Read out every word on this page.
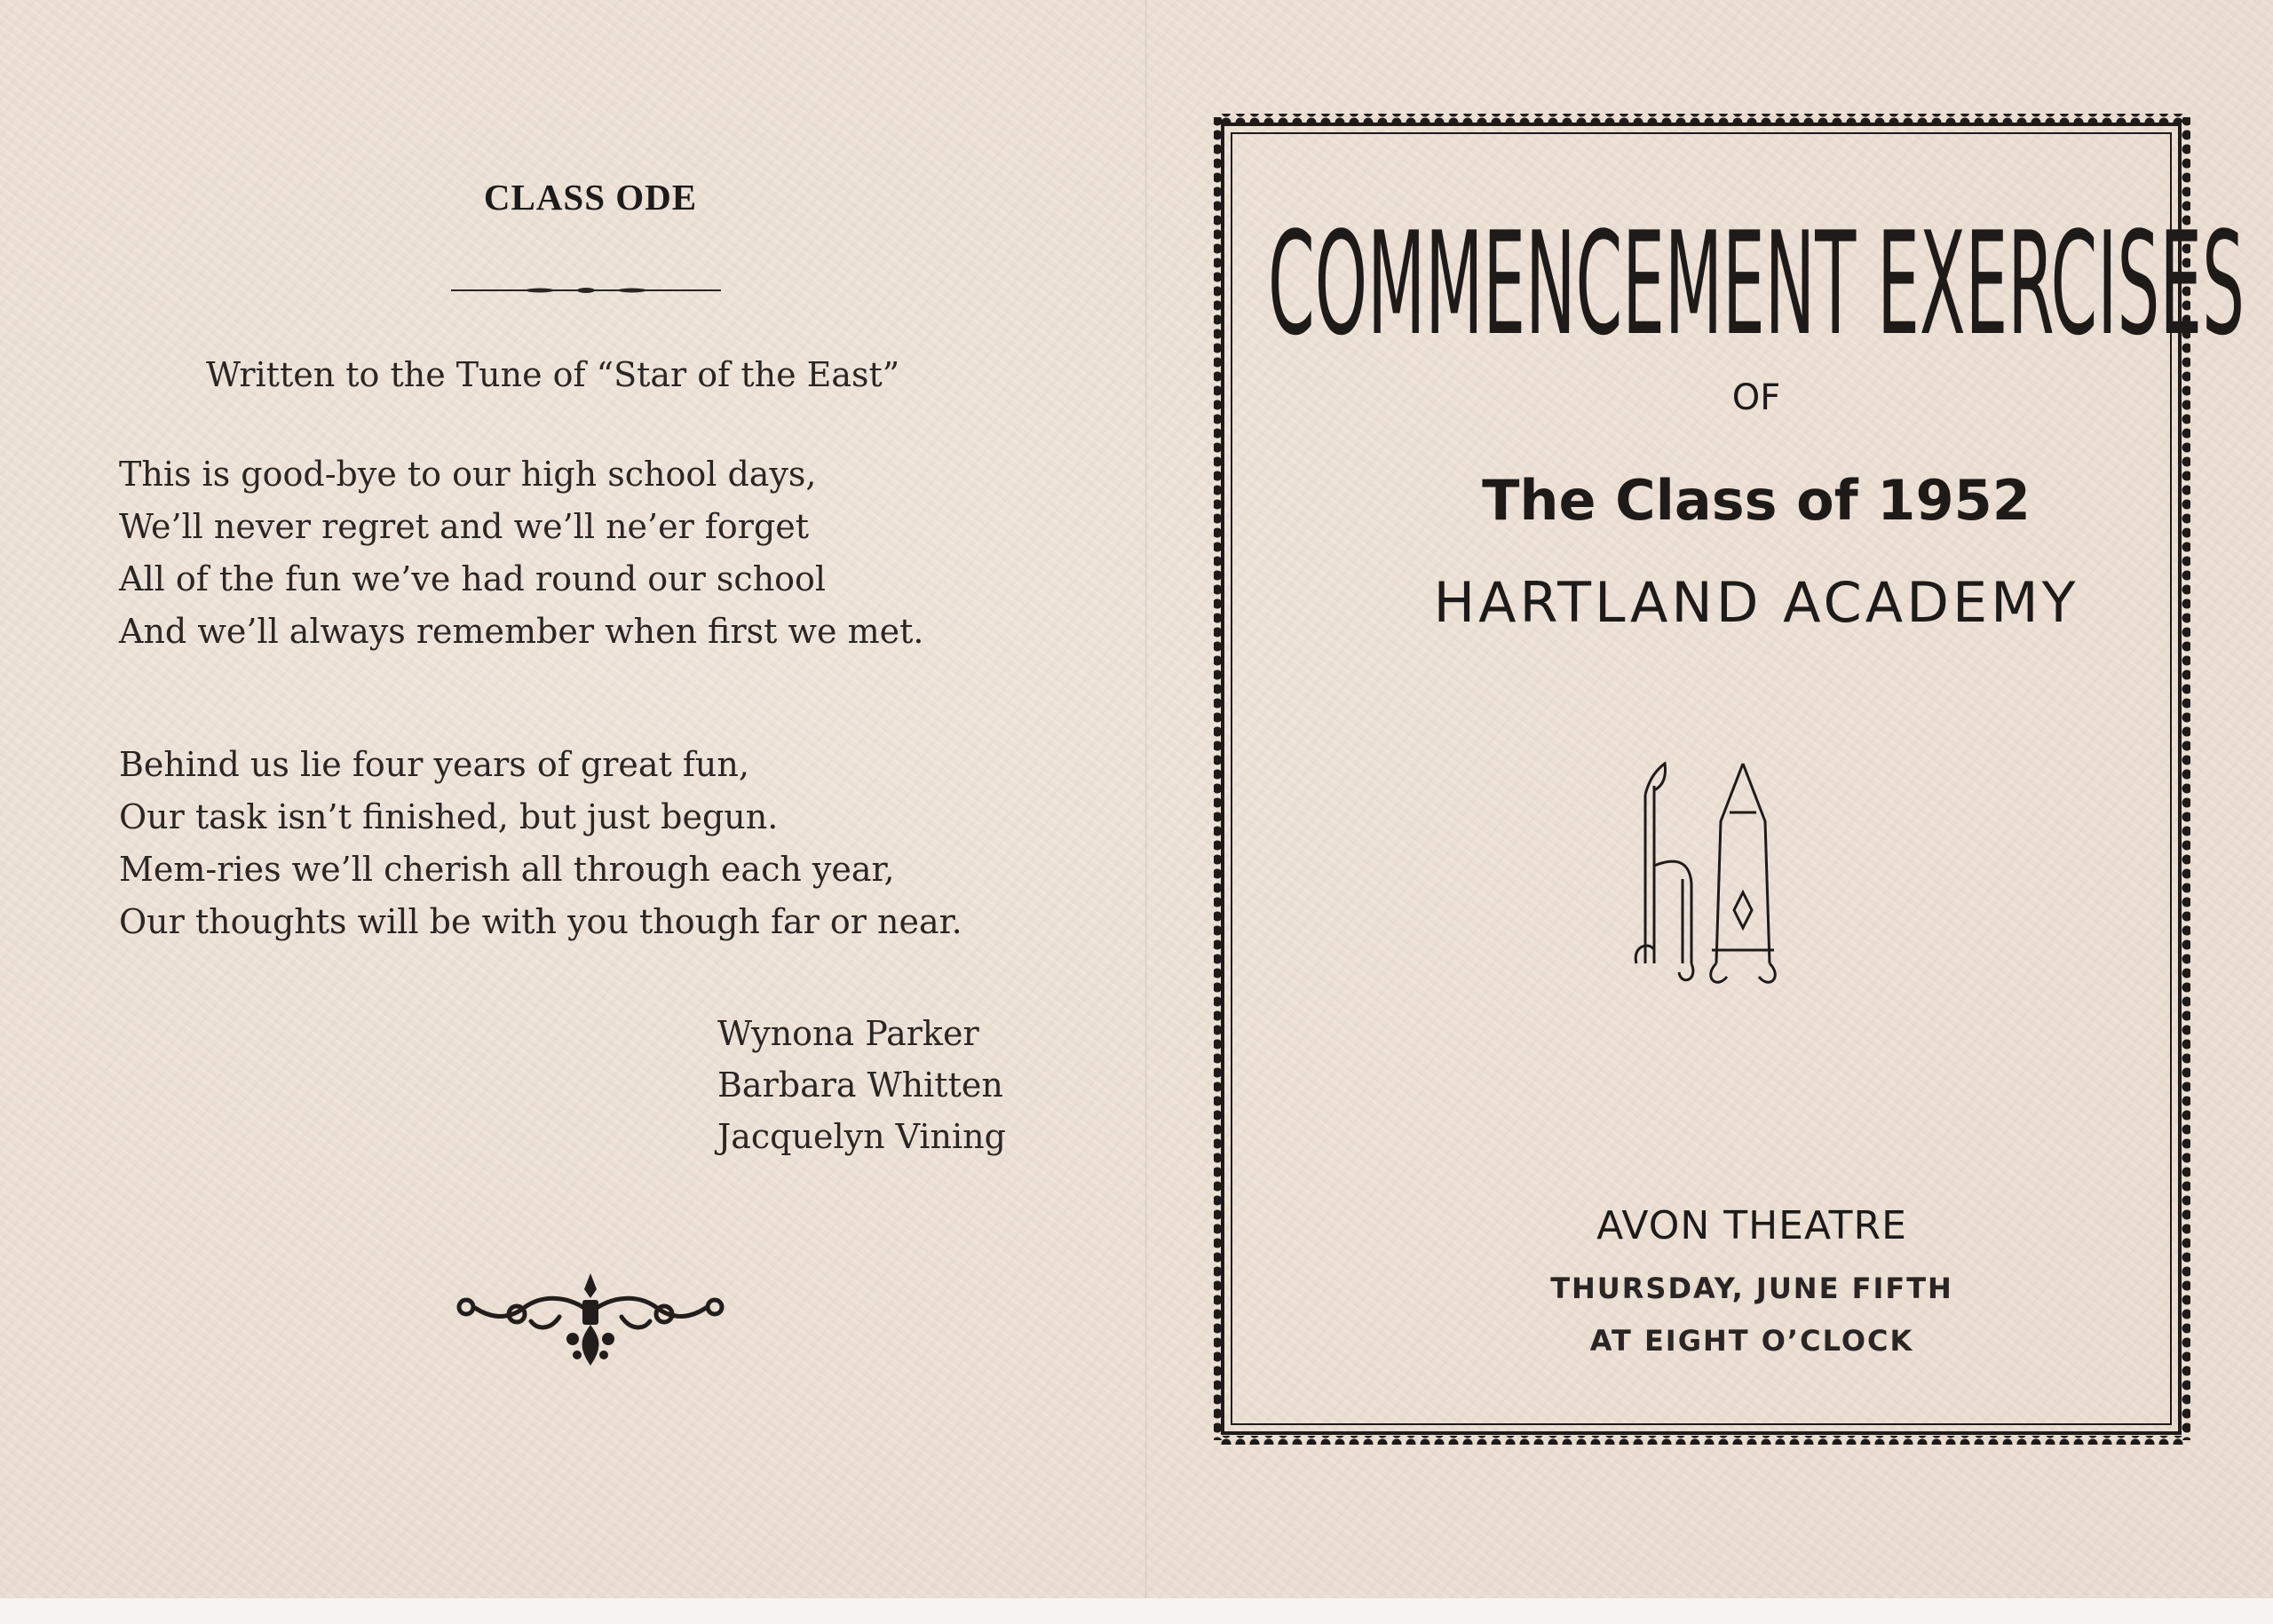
CLASS ODE
Written to the Tune of “Star of the East”
This is good-bye to our high school days,
We’ll never regret and we’ll ne’er forget
All of the fun we’ve had round our school
And we’ll always remember when first we met.
Behind us lie four years of great fun,
Our task isn’t finished, but just begun.
Mem-ries we’ll cherish all through each year,
Our thoughts will be with you though far or near.
Wynona Parker
Barbara Whitten
Jacquelyn Vining
COMMENCEMENT EXERCISES
OF
The Class of 1952
HARTLAND ACADEMY
AVON THEATRE
THURSDAY, JUNE FIFTH
AT EIGHT O’CLOCK
